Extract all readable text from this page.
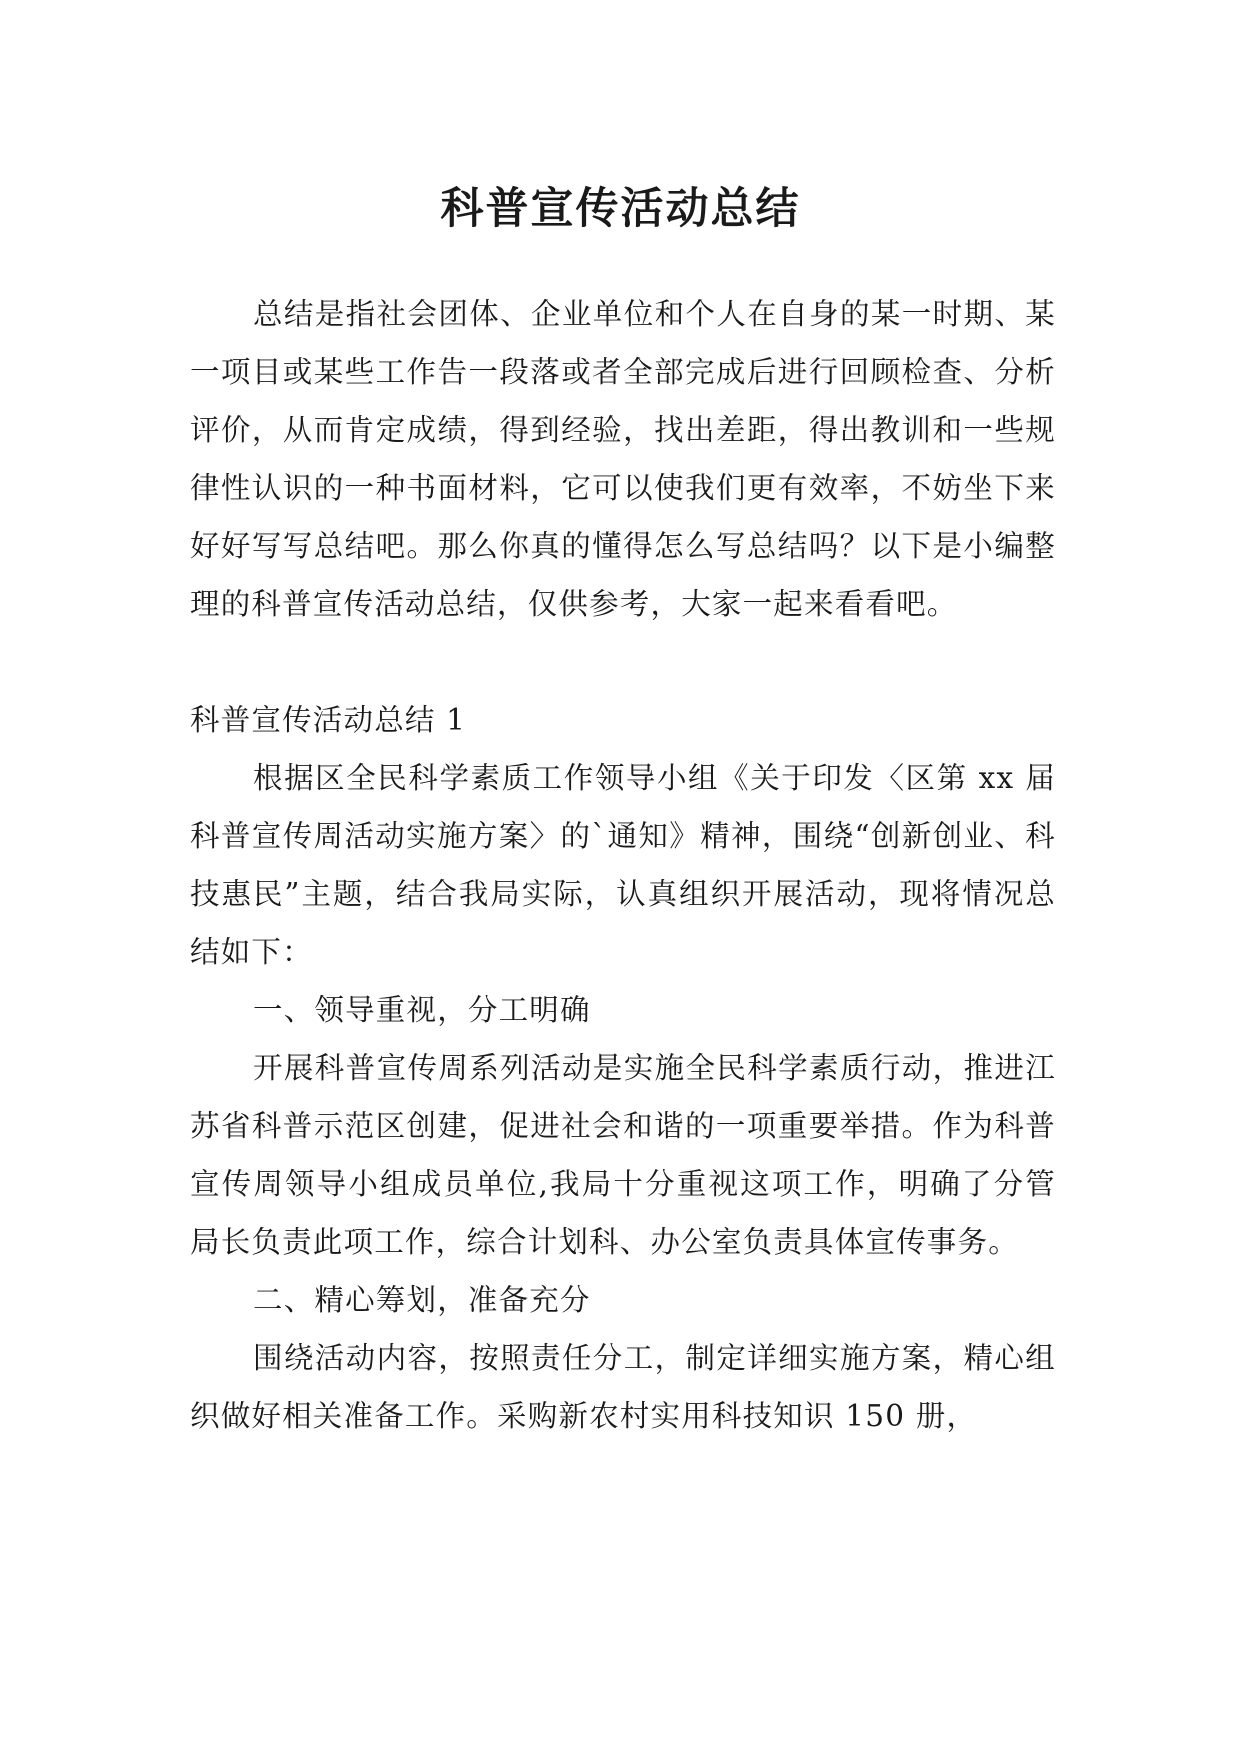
科普宣传活动总结

总结是指社会团体、企业单位和个人在自身的某一时期、某一项目或某些工作告一段落或者全部完成后进行回顾检查、分析评价，从而肯定成绩，得到经验，找出差距，得出教训和一些规律性认识的一种书面材料，它可以使我们更有效率，不妨坐下来好好写写总结吧。那么你真的懂得怎么写总结吗？以下是小编整理的科普宣传活动总结，仅供参考，大家一起来看看吧。

科普宣传活动总结 1

根据区全民科学素质工作领导小组《关于印发〈区第 xx 届科普宣传周活动实施方案〉的`通知》精神，围绕“创新创业、科技惠民”主题，结合我局实际，认真组织开展活动，现将情况总结如下：

一、领导重视，分工明确

开展科普宣传周系列活动是实施全民科学素质行动，推进江苏省科普示范区创建，促进社会和谐的一项重要举措。作为科普宣传周领导小组成员单位,我局十分重视这项工作，明确了分管局长负责此项工作，综合计划科、办公室负责具体宣传事务。

二、精心筹划，准备充分

围绕活动内容，按照责任分工，制定详细实施方案，精心组织做好相关准备工作。采购新农村实用科技知识 150 册，
